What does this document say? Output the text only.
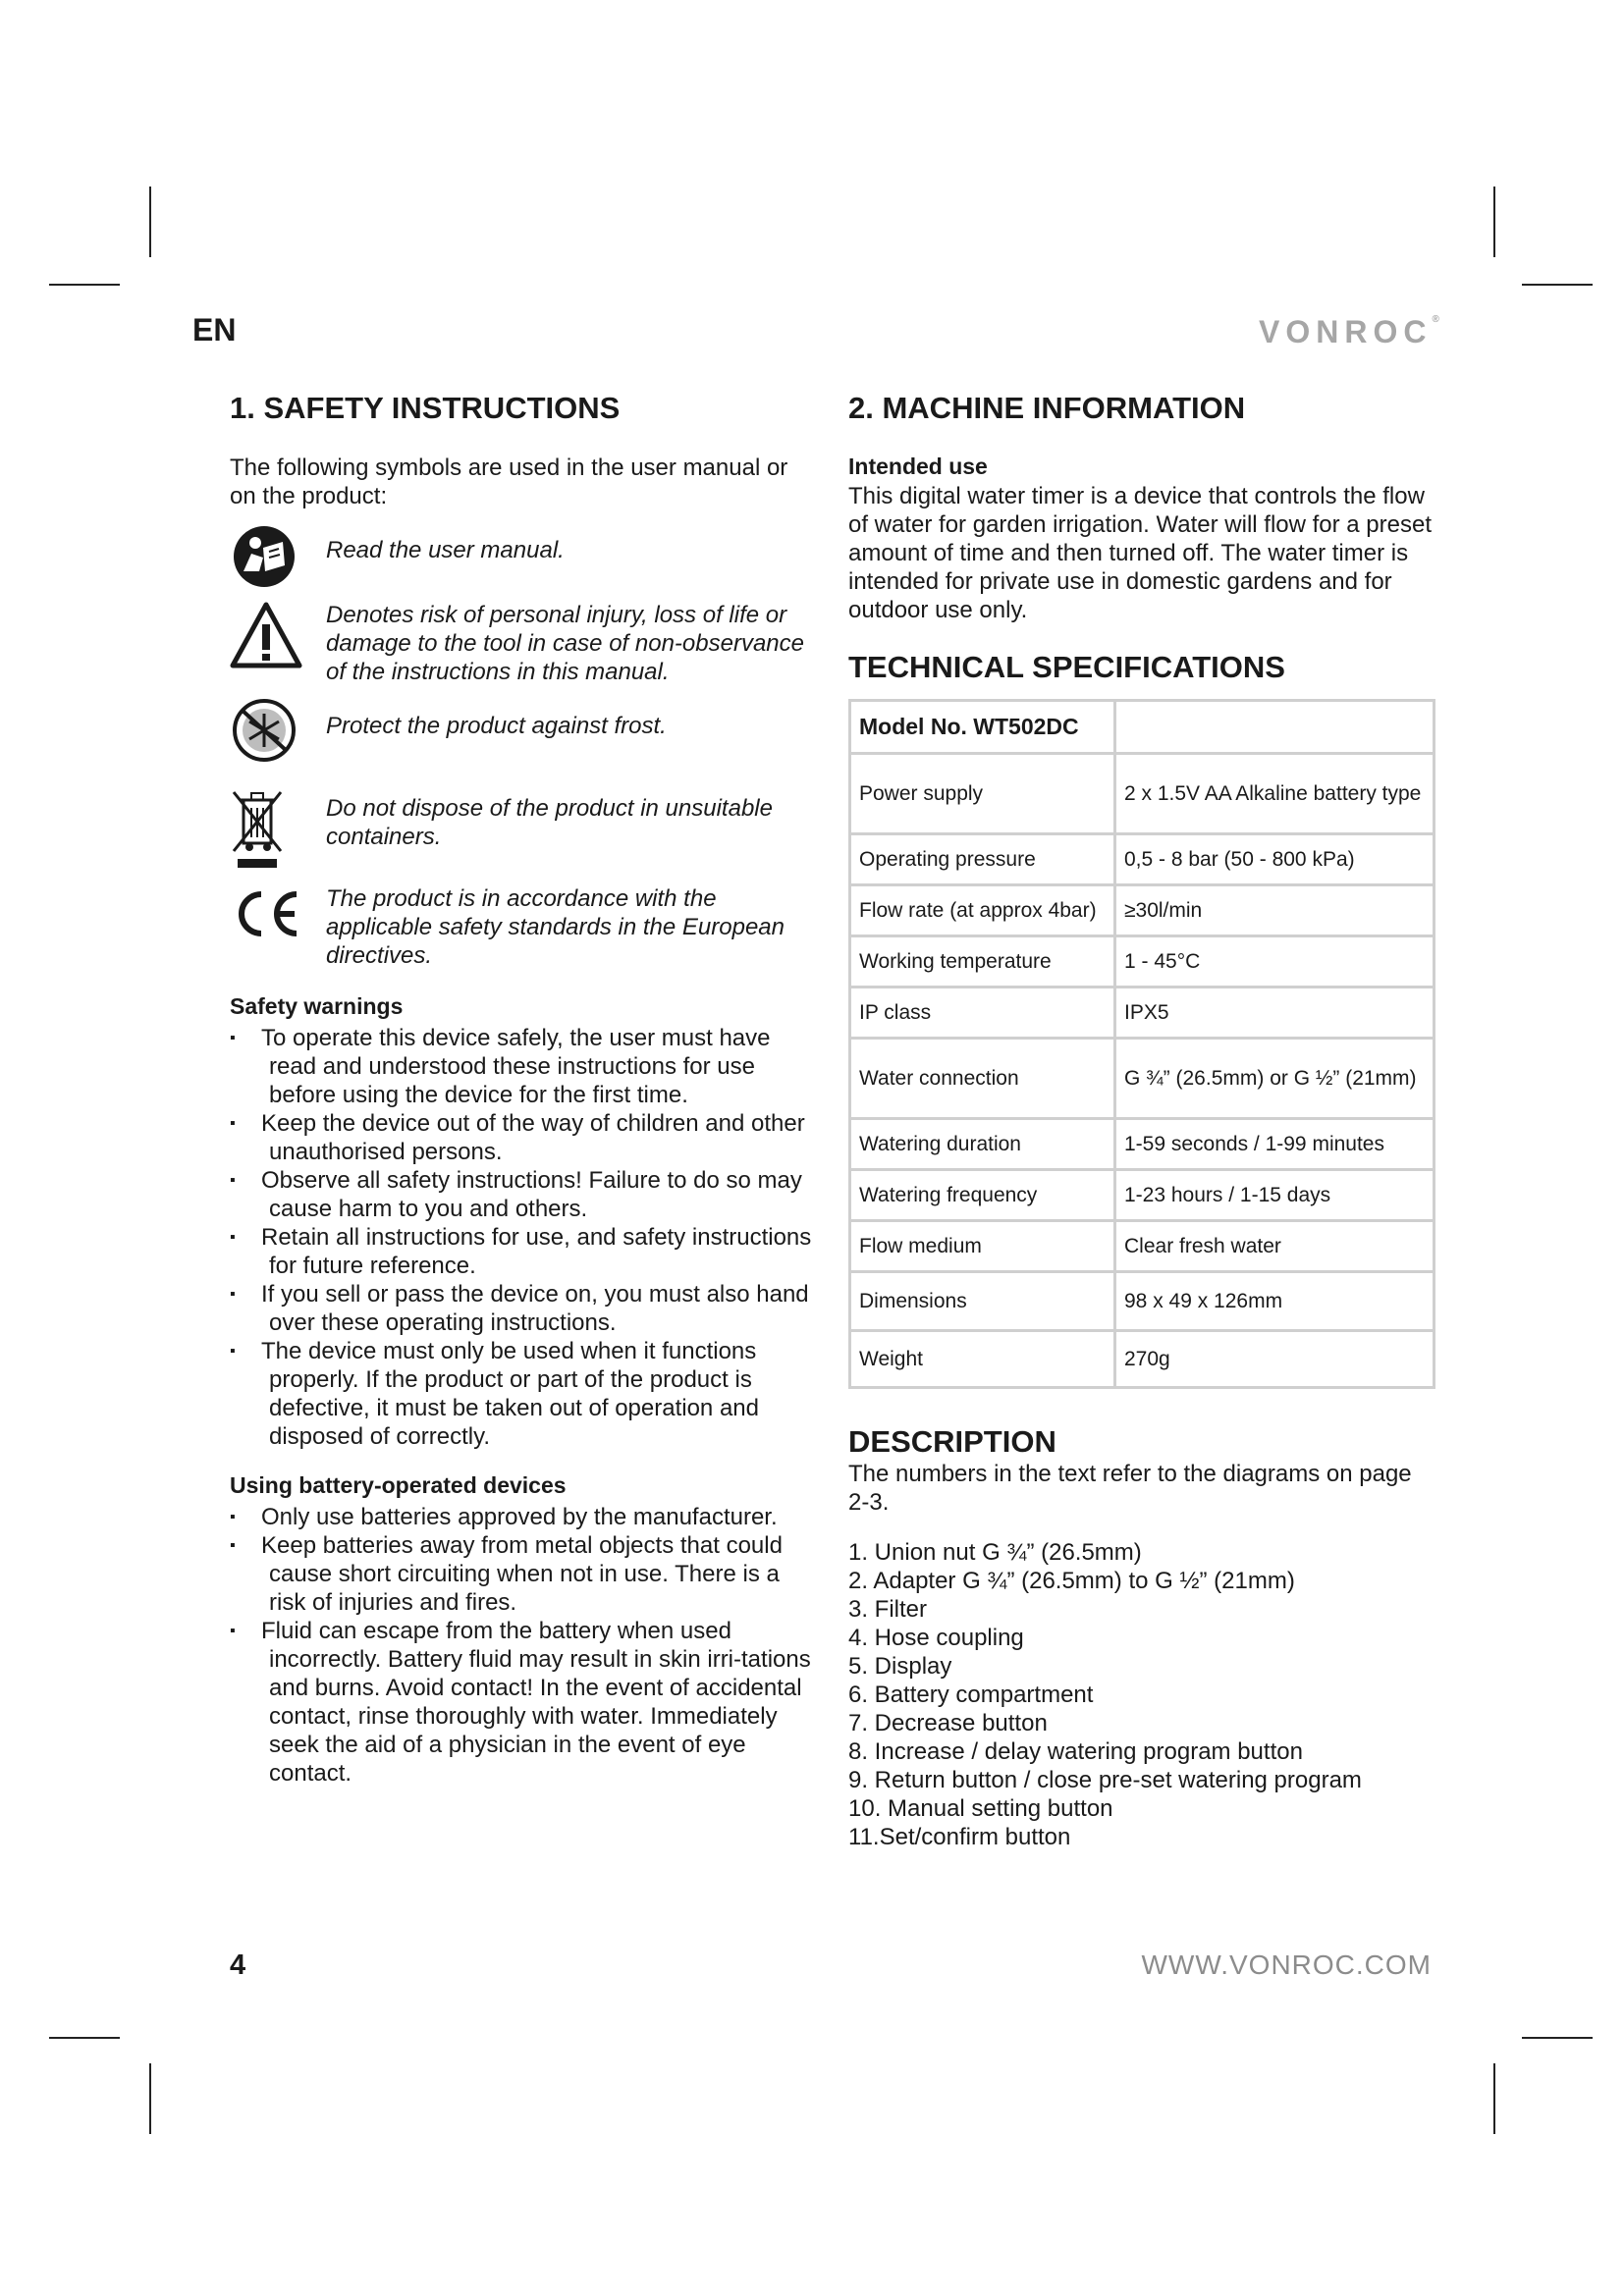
EN	VONROC®
1. SAFETY INSTRUCTIONS

The following symbols are used in the user manual or on the product:

Read the user manual.
Denotes risk of personal injury, loss of life or damage to the tool in case of non-observance of the instructions in this manual.
Protect the product against frost.
Do not dispose of the product in unsuitable containers.
The product is in accordance with the applicable safety standards in the European directives.
Safety warnings
▪ To operate this device safely, the user must have read and understood these instructions for use before using the device for the first time.
▪ Keep the device out of the way of children and other unauthorised persons.
▪ Observe all safety instructions! Failure to do so may cause harm to you and others.
▪ Retain all instructions for use, and safety instructions for future reference.
▪ If you sell or pass the device on, you must also hand over these operating instructions.
▪ The device must only be used when it functions properly. If the product or part of the product is defective, it must be taken out of operation and disposed of correctly.
Using battery-operated devices
▪ Only use batteries approved by the manufacturer.
▪ Keep batteries away from metal objects that could cause short circuiting when not in use. There is a risk of injuries and fires.
▪ Fluid can escape from the battery when used incorrectly. Battery fluid may result in skin irri-tations and burns. Avoid contact! In the event of accidental contact, rinse thoroughly with water. Immediately seek the aid of a physician in the event of eye contact.
2. MACHINE INFORMATION
Intended use

This digital water timer is a device that controls the flow of water for garden irrigation. Water will flow for a preset amount of time and then turned off. The water timer is intended for private use in domestic gardens and for outdoor use only.

TECHNICAL SPECIFICATIONS
Model No. WT502DC	
Power supply	2 x 1.5V AA Alkaline battery type
Operating pressure	0,5 - 8 bar (50 - 800 kPa)
Flow rate (at approx 4bar)	≥30l/min
Working temperature	1 - 45°C
IP class	IPX5
Water connection	G ¾” (26.5mm) or G ½” (21mm)
Watering duration	1-59 seconds / 1-99 minutes
Watering frequency	1-23 hours / 1-15 days
Flow medium	Clear fresh water
Dimensions	98 x 49 x 126mm
Weight	270g
DESCRIPTION

The numbers in the text refer to the diagrams on page 2-3.

1. Union nut G ¾” (26.5mm)
2. Adapter G ¾” (26.5mm) to G ½” (21mm)
3. Filter
4. Hose coupling
5. Display
6. Battery compartment
7. Decrease button
8. Increase / delay watering program button
9. Return button / close pre-set watering program
10. Manual setting button
11.Set/confirm button
4	WWW.VONROC.COM
